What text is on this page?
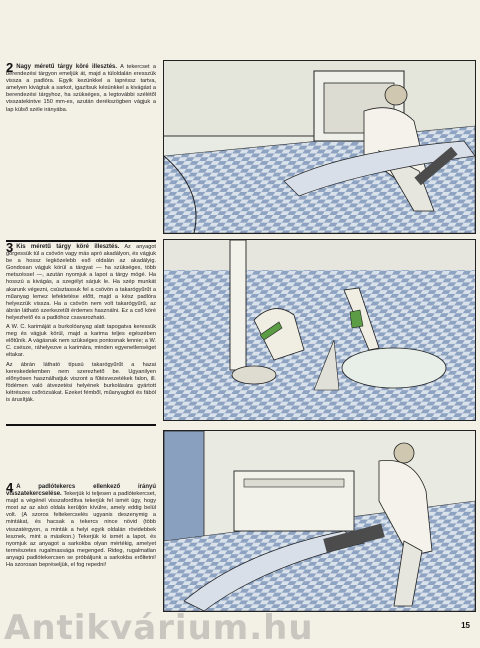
2 Nagy méretű tárgy köré illesztés. A tekercset a berendezési tárgyon emeljük át, majd a túloldalán eresszük vissza a padlóra. Egyik kezünkkel a lapréssz tartva, amelyen kivágtuk a sarkot, igazítsuk késünkkel a kivágást a berendezési tárgyhoz, ha szükséges, a legtovábbi szélétől visszatekintve 150 mm-es, azután derékszögben vágjuk a lap külső széle irányába.

3 Kis méretű tárgy köré illesztés. Az anyagot görgessük túl a csövön vagy más apró akadályon, és vágjuk be a hossz legközelebb eső oldalán az akadályig. Gondosan vágjuk körül a tárgyat — ha szükséges, több metszéssel —, azután nyomjuk a lapot a tárgy mögé. Ha hosszú a kivágás, a szegélyt sárjuk le. Ha szép munkát akarunk végezni, csúsztassuk fel a csövön a takarógyűrűt a műanyag lemez lefektetése előtt, majd a kész padlóra helyezzük vissza. Ha a csövön nem volt takarógyűrű, az ábrán látható szerkezetűt érdemes használni. Ez a cső köré helyezhető és a padlóhoz csavarozható.

A W. C. karimáját a burkolóanyag alatt tapogatva keressük meg és vágjuk körül, majd a karima teljes egészében előtűnik. A vágásnak nem szükséges pontosnak lennie; a W. C. csésze, ráhelyezve a karimára, minden egyenetlenséget eltakar.

Az ábrán látható típusú takarógyűrűt a hazai kereskedelemben nem szerezhető be. Ugyanilyen előnyösen használhatjuk viszont a fűtésvezetékek falon, ill. födémen való átvezetési helyének burkolására gyártott kétrészes csőrózsákat. Ezeket fémből, műanyagból és fából is árusítják.

4 A padlótekercs ellenkező irányú visszatekercselése. Tekerjük ki teljesen a padlótekercset, majd a végénél visszafordítva tekerjük fel ismét úgy, hogy most az az alsó oldala kerüljön kívülre, amely eddig belül volt. (A szoros feltekercselés ugyanis deszenymig a mintákat, és hacsak a tekercs nince növid (több visszatérgyon, a minták a helyi egyik oldalán rövidebbek lesznek, mint a másikon.) Tekerjük ki ismét a lapot, és nyomjuk az anyagot a sarkokba olyan mértékig, amelyet természetes rugalmassága megenged. Rideg, rugalmatlan anyagú padlótekercsen se próbáljunk a sarkokba erőltetni! Ha szorosan bepréseljük, el fog repedni!

15
Antikvárium.hu
